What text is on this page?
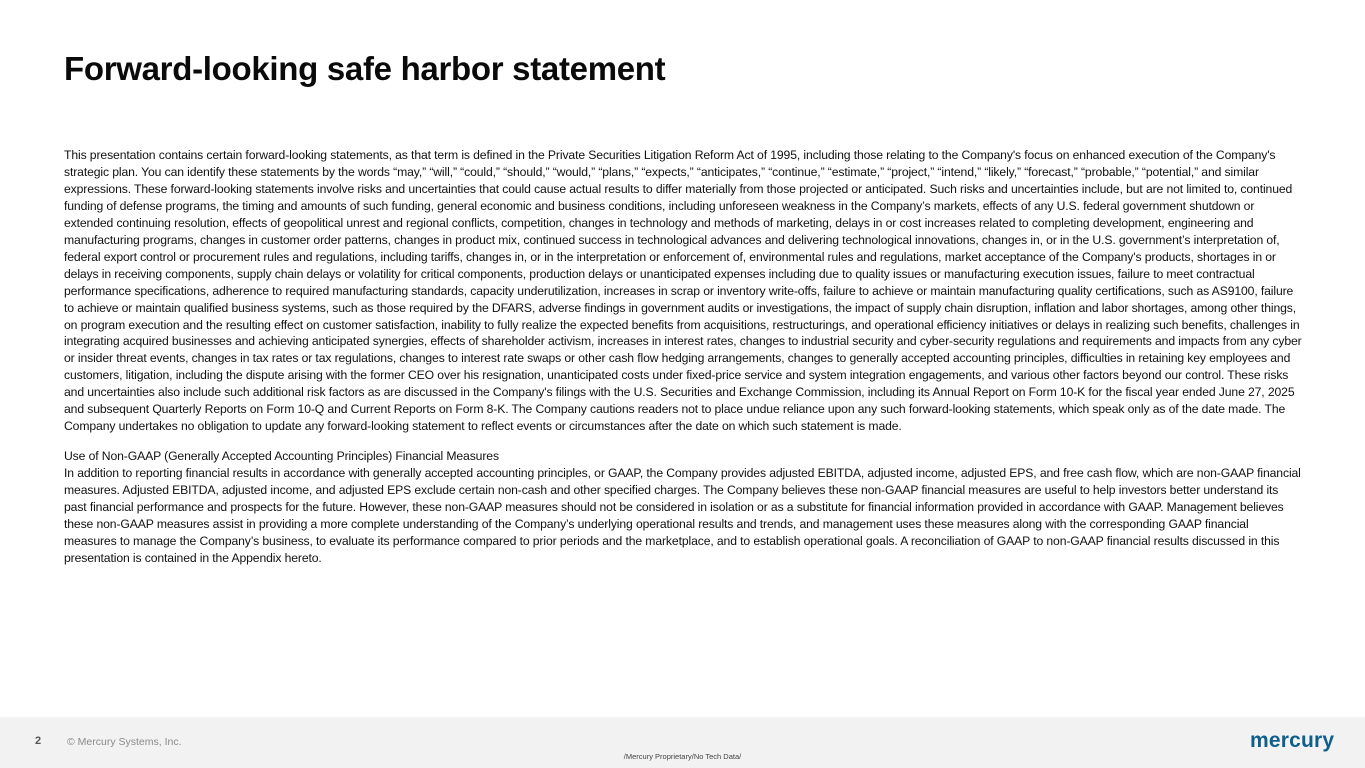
Forward-looking safe harbor statement

This presentation contains certain forward-looking statements, as that term is defined in the Private Securities Litigation Reform Act of 1995, including those relating to the Company's focus on enhanced execution of the Company's strategic plan. You can identify these statements by the words “may,” “will,” “could,” “should,” “would,” “plans,” “expects,” “anticipates,” “continue,” “estimate,” “project,” “intend,” “likely,” “forecast,” “probable,” “potential,” and similar expressions. These forward-looking statements involve risks and uncertainties that could cause actual results to differ materially from those projected or anticipated. Such risks and uncertainties include, but are not limited to, continued funding of defense programs, the timing and amounts of such funding, general economic and business conditions, including unforeseen weakness in the Company’s markets, effects of any U.S. federal government shutdown or extended continuing resolution, effects of geopolitical unrest and regional conflicts, competition, changes in technology and methods of marketing, delays in or cost increases related to completing development, engineering and manufacturing programs, changes in customer order patterns, changes in product mix, continued success in technological advances and delivering technological innovations, changes in, or in the U.S. government’s interpretation of, federal export control or procurement rules and regulations, including tariffs, changes in, or in the interpretation or enforcement of, environmental rules and regulations, market acceptance of the Company's products, shortages in or delays in receiving components, supply chain delays or volatility for critical components, production delays or unanticipated expenses including due to quality issues or manufacturing execution issues, failure to meet contractual performance specifications, adherence to required manufacturing standards, capacity underutilization, increases in scrap or inventory write-offs, failure to achieve or maintain manufacturing quality certifications, such as AS9100, failure to achieve or maintain qualified business systems, such as those required by the DFARS, adverse findings in government audits or investigations, the impact of supply chain disruption, inflation and labor shortages, among other things, on program execution and the resulting effect on customer satisfaction, inability to fully realize the expected benefits from acquisitions, restructurings, and operational efficiency initiatives or delays in realizing such benefits, challenges in integrating acquired businesses and achieving anticipated synergies, effects of shareholder activism, increases in interest rates, changes to industrial security and cyber-security regulations and requirements and impacts from any cyber or insider threat events, changes in tax rates or tax regulations, changes to interest rate swaps or other cash flow hedging arrangements, changes to generally accepted accounting principles, difficulties in retaining key employees and customers, litigation, including the dispute arising with the former CEO over his resignation, unanticipated costs under fixed-price service and system integration engagements, and various other factors beyond our control. These risks and uncertainties also include such additional risk factors as are discussed in the Company's filings with the U.S. Securities and Exchange Commission, including its Annual Report on Form 10-K for the fiscal year ended June 27, 2025 and subsequent Quarterly Reports on Form 10-Q and Current Reports on Form 8-K. The Company cautions readers not to place undue reliance upon any such forward-looking statements, which speak only as of the date made. The Company undertakes no obligation to update any forward-looking statement to reflect events or circumstances after the date on which such statement is made.

Use of Non-GAAP (Generally Accepted Accounting Principles) Financial Measures

In addition to reporting financial results in accordance with generally accepted accounting principles, or GAAP, the Company provides adjusted EBITDA, adjusted income, adjusted EPS, and free cash flow, which are non-GAAP financial measures. Adjusted EBITDA, adjusted income, and adjusted EPS exclude certain non-cash and other specified charges. The Company believes these non-GAAP financial measures are useful to help investors better understand its past financial performance and prospects for the future. However, these non-GAAP measures should not be considered in isolation or as a substitute for financial information provided in accordance with GAAP. Management believes these non-GAAP measures assist in providing a more complete understanding of the Company’s underlying operational results and trends, and management uses these measures along with the corresponding GAAP financial measures to manage the Company’s business, to evaluate its performance compared to prior periods and the marketplace, and to establish operational goals. A reconciliation of GAAP to non-GAAP financial results discussed in this presentation is contained in the Appendix hereto.

2 © Mercury Systems, Inc.
/Mercury Proprietary/No Tech Data/
mercury
